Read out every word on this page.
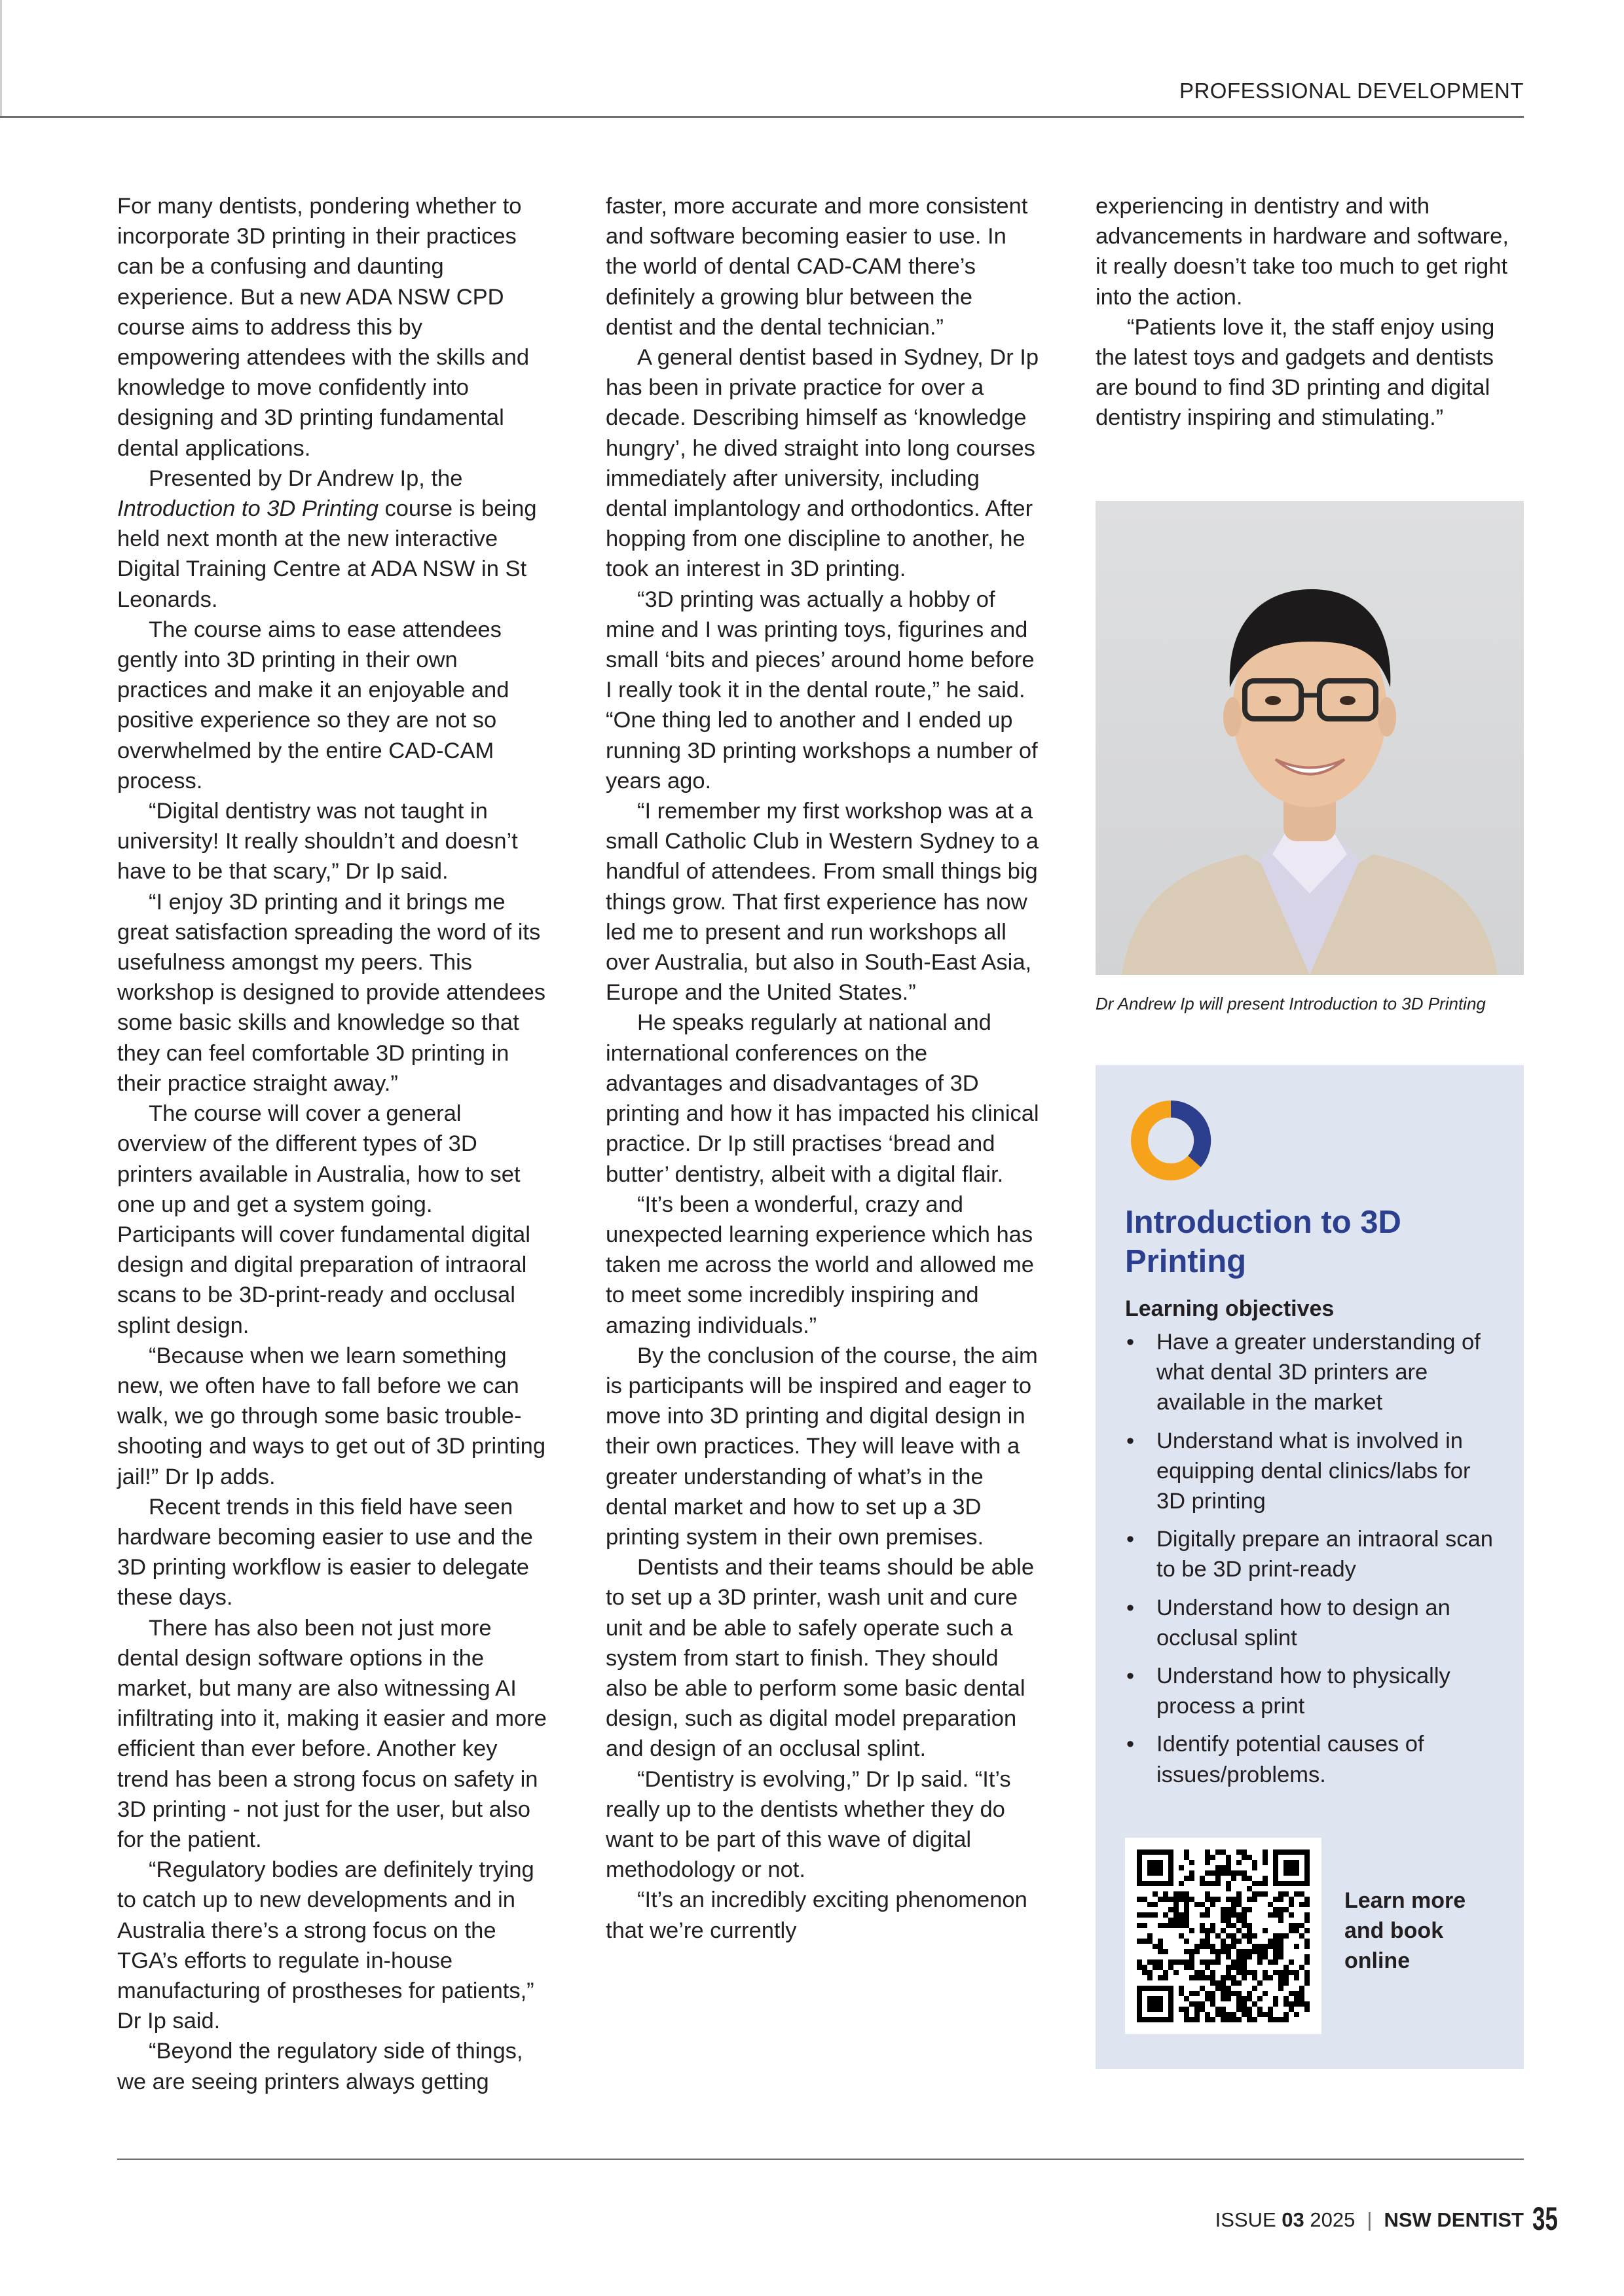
PROFESSIONAL DEVELOPMENT

For many dentists, pondering whether to incorporate 3D printing in their practices can be a confusing and daunting experience. But a new ADA NSW CPD course aims to address this by empowering attendees with the skills and knowledge to move confidently into designing and 3D printing fundamental dental applications.

Presented by Dr Andrew Ip, the Introduction to 3D Printing course is being held next month at the new interactive Digital Training Centre at ADA NSW in St Leonards.

The course aims to ease attendees gently into 3D printing in their own practices and make it an enjoyable and positive experience so they are not so overwhelmed by the entire CAD-CAM process.

“Digital dentistry was not taught in university! It really shouldn’t and doesn’t have to be that scary,” Dr Ip said.

“I enjoy 3D printing and it brings me great satisfaction spreading the word of its usefulness amongst my peers. This workshop is designed to provide attendees some basic skills and knowledge so that they can feel comfortable 3D printing in their practice straight away.”

The course will cover a general overview of the different types of 3D printers available in Australia, how to set one up and get a system going. Participants will cover fundamental digital design and digital preparation of intraoral scans to be 3D-print-ready and occlusal splint design.

“Because when we learn something new, we often have to fall before we can walk, we go through some basic trouble-shooting and ways to get out of 3D printing jail!” Dr Ip adds.

Recent trends in this field have seen hardware becoming easier to use and the 3D printing workflow is easier to delegate these days.

There has also been not just more dental design software options in the market, but many are also witnessing AI infiltrating into it, making it easier and more efficient than ever before. Another key trend has been a strong focus on safety in 3D printing - not just for the user, but also for the patient.

“Regulatory bodies are definitely trying to catch up to new developments and in Australia there’s a strong focus on the TGA’s efforts to regulate in-house manufacturing of prostheses for patients,” Dr Ip said.

“Beyond the regulatory side of things, we are seeing printers always getting

faster, more accurate and more consistent and software becoming easier to use. In the world of dental CAD-CAM there’s definitely a growing blur between the dentist and the dental technician.”

A general dentist based in Sydney, Dr Ip has been in private practice for over a decade. Describing himself as ‘knowledge hungry’, he dived straight into long courses immediately after university, including dental implantology and orthodontics. After hopping from one discipline to another, he took an interest in 3D printing.

“3D printing was actually a hobby of mine and I was printing toys, figurines and small ‘bits and pieces’ around home before I really took it in the dental route,” he said. “One thing led to another and I ended up running 3D printing workshops a number of years ago.

“I remember my first workshop was at a small Catholic Club in Western Sydney to a handful of attendees. From small things big things grow. That first experience has now led me to present and run workshops all over Australia, but also in South-East Asia, Europe and the United States.”

He speaks regularly at national and international conferences on the advantages and disadvantages of 3D printing and how it has impacted his clinical practice. Dr Ip still practises ‘bread and butter’ dentistry, albeit with a digital flair.

“It’s been a wonderful, crazy and unexpected learning experience which has taken me across the world and allowed me to meet some incredibly inspiring and amazing individuals.”

By the conclusion of the course, the aim is participants will be inspired and eager to move into 3D printing and digital design in their own practices. They will leave with a greater understanding of what’s in the dental market and how to set up a 3D printing system in their own premises.

Dentists and their teams should be able to set up a 3D printer, wash unit and cure unit and be able to safely operate such a system from start to finish. They should also be able to perform some basic dental design, such as digital model preparation and design of an occlusal splint.

“Dentistry is evolving,” Dr Ip said. “It’s really up to the dentists whether they do want to be part of this wave of digital methodology or not.

“It’s an incredibly exciting phenomenon that we’re currently

experiencing in dentistry and with advancements in hardware and software, it really doesn’t take too much to get right into the action.

“Patients love it, the staff enjoy using the latest toys and gadgets and dentists are bound to find 3D printing and digital dentistry inspiring and stimulating.”

Dr Andrew Ip will present Introduction to 3D Printing
Introduction to 3D Printing
Learning objectives
• Have a greater understanding of what dental 3D printers are available in the market
• Understand what is involved in equipping dental clinics/labs for 3D printing
• Digitally prepare an intraoral scan to be 3D print-ready
• Understand how to design an occlusal splint
• Understand how to physically process a print
• Identify potential causes of issues/problems.
Learn more and book online
ISSUE
03
2025 | NSW DENTIST 35
